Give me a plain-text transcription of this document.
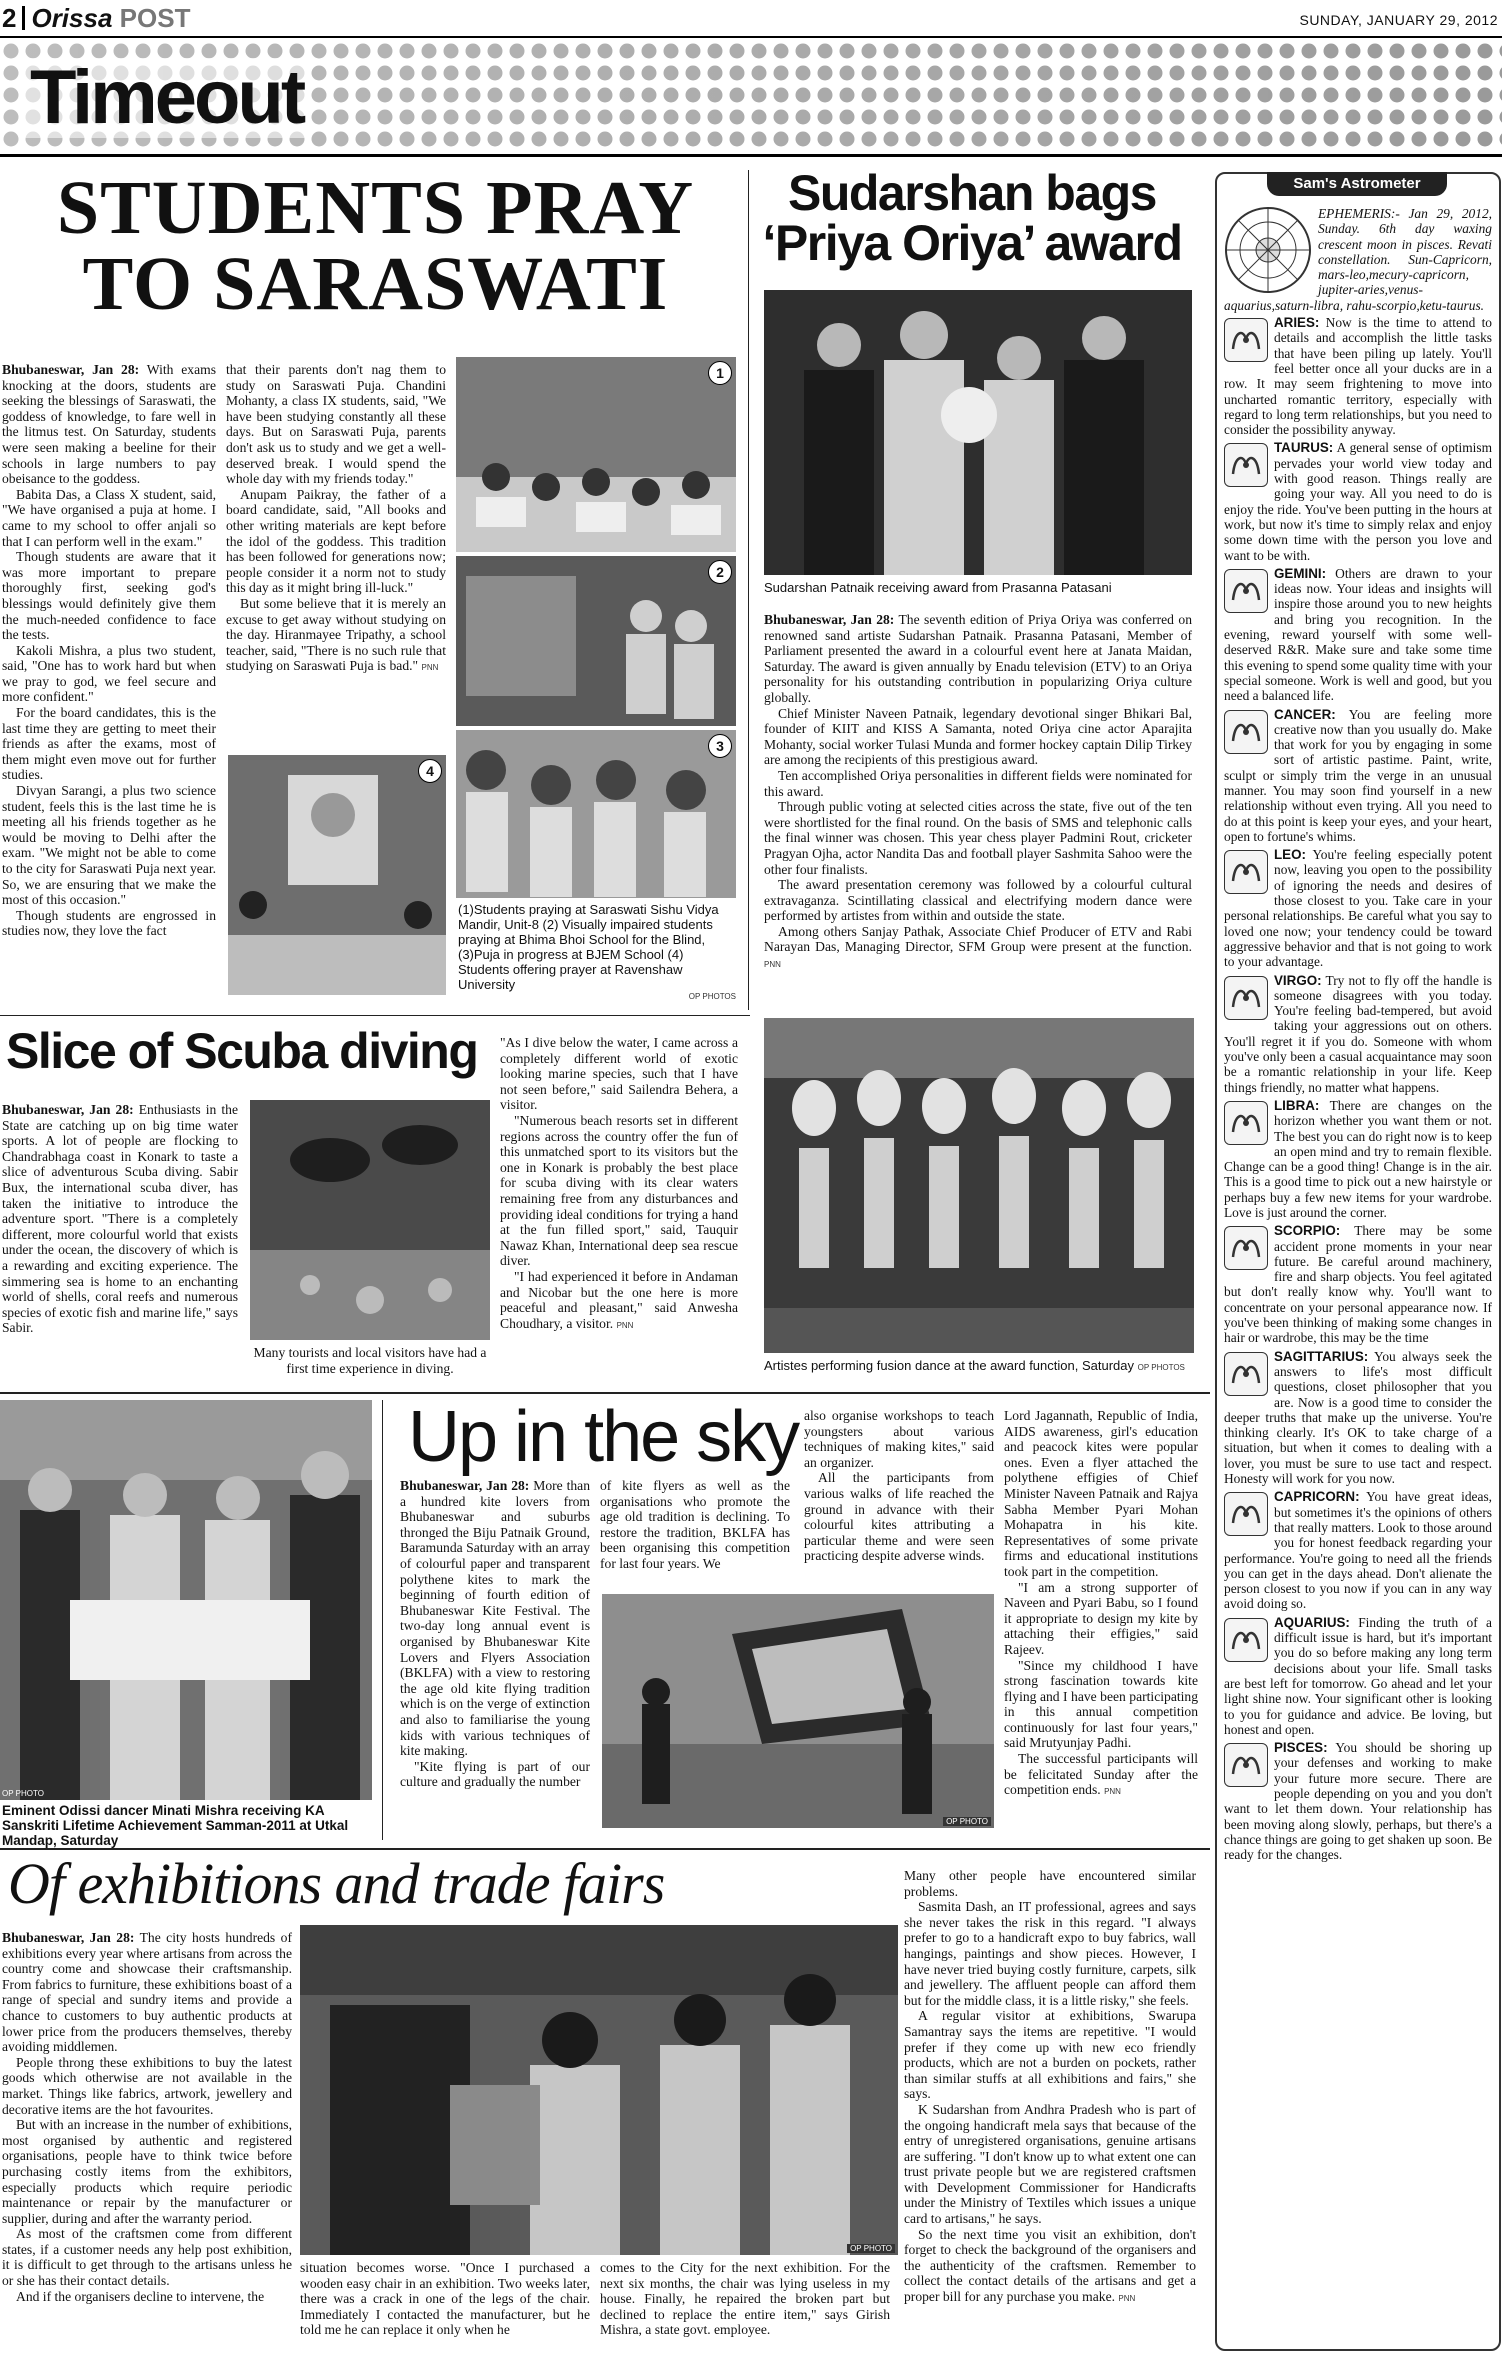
2 Orissa POST	SUNDAY, JANUARY 29, 2012
Timeout
STUDENTS PRAY
TO SARASWATI

Bhubaneswar, Jan 28: With exams knocking at the doors, students are seeking the blessings of Saraswati, the goddess of knowledge, to fare well in the litmus test. On Saturday, students were seen making a beeline for their schools in large numbers to pay obeisance to the goddess.

Babita Das, a Class X student, said, "We have organised a puja at home. I came to my school to offer anjali so that I can perform well in the exam."

Though students are aware that it was more important to prepare thoroughly first, seeking god's blessings would definitely give them the much-needed confidence to face the tests.

Kakoli Mishra, a plus two student, said, "One has to work hard but when we pray to god, we feel secure and more confident."

For the board candidates, this is the last time they are getting to meet their friends as after the exams, most of them might even move out for further studies.

Divyan Sarangi, a plus two science student, feels this is the last time he is meeting all his friends together as he would be moving to Delhi after the exam. "We might not be able to come to the city for Saraswati Puja next year. So, we are ensuring that we make the most of this occasion."

Though students are engrossed in studies now, they love the fact

that their parents don't nag them to study on Saraswati Puja. Chandini Mohanty, a class IX students, said, "We have been studying constantly all these days. But on Saraswati Puja, parents don't ask us to study and we get a well-deserved break. I would spend the whole day with my friends today."

Anupam Paikray, the father of a board candidate, said, "All books and other writing materials are kept before the idol of the goddess. This tradition has been followed for generations now; people consider it a norm not to study this day as it might bring ill-luck."

But some believe that it is merely an excuse to get away without studying on the day. Hiranmayee Tripathy, a school teacher, said, "There is no such rule that studying on Saraswati Puja is bad." PNN

1
2
3
4
(1)Students praying at Saraswati Sishu Vidya Mandir, Unit-8 (2) Visually impaired students praying at Bhima Bhoi School for the Blind, (3)Puja in progress at BJEM School (4) Students offering prayer at Ravenshaw University
OP PHOTOS
Sudarshan bags
‘Priya Oriya’ award
Sudarshan Patnaik receiving award from Prasanna Patasani

Bhubaneswar, Jan 28: The seventh edition of Priya Oriya was conferred on renowned sand artiste Sudarshan Patnaik. Prasanna Patasani, Member of Parliament presented the award in a colourful event here at Janata Maidan, Saturday. The award is given annually by Enadu television (ETV) to an Oriya personality for his outstanding contribution in popularizing Oriya culture globally.

Chief Minister Naveen Patnaik, legendary devotional singer Bhikari Bal, founder of KIIT and KISS A Samanta, noted Oriya cine actor Aparajita Mohanty, social worker Tulasi Munda and former hockey captain Dilip Tirkey are among the recipients of this prestigious award.

Ten accomplished Oriya personalities in different fields were nominated for this award.

Through public voting at selected cities across the state, five out of the ten were shortlisted for the final round. On the basis of SMS and telephonic calls the final winner was chosen. This year chess player Padmini Rout, cricketer Pragyan Ojha, actor Nandita Das and football player Sashmita Sahoo were the other four finalists.

The award presentation ceremony was followed by a colourful cultural extravaganza. Scintillating classical and electrifying modern dance were performed by artistes from within and outside the state.

Among others Sanjay Pathak, Associate Chief Producer of ETV and Rabi Narayan Das, Managing Director, SFM Group were present at the function. PNN

Artistes performing fusion dance at the award function, Saturday OP PHOTOS
Slice of Scuba diving

Bhubaneswar, Jan 28: Enthusiasts in the State are catching up on big time water sports. A lot of people are flocking to Chandrabhaga coast in Konark to taste a slice of adventurous Scuba diving. Sabir Bux, the international scuba diver, has taken the initiative to introduce the adventure sport. "There is a completely different, more colourful world that exists under the ocean, the discovery of which is a rewarding and exciting experience. The simmering sea is home to an enchanting world of shells, coral reefs and numerous species of exotic fish and marine life," says Sabir.

Many tourists and local visitors have had a first time experience in diving.

"As I dive below the water, I came across a completely different world of exotic looking marine species, such that I have not seen before," said Sailendra Behera, a visitor.

"Numerous beach resorts set in different regions across the country offer the fun of this unmatched sport to its visitors but the one in Konark is probably the best place for scuba diving with its clear waters remaining free from any disturbances and providing ideal conditions for trying a hand at the fun filled sport," said, Tauquir Nawaz Khan, International deep sea rescue diver.

"I had experienced it before in Andaman and Nicobar but the one here is more peaceful and pleasant," said Anwesha Choudhary, a visitor. PNN

OP PHOTO
Eminent Odissi dancer Minati Mishra receiving KA Sanskriti Lifetime Achievement Samman-2011 at Utkal Mandap, Saturday
Up in the sky

Bhubaneswar, Jan 28: More than a hundred kite lovers from Bhubaneswar and suburbs thronged the Biju Patnaik Ground, Baramunda Saturday with an array of colourful paper and transparent polythene kites to mark the beginning of fourth edition of Bhubaneswar Kite Festival. The two-day long annual event is organised by Bhubaneswar Kite Lovers and Flyers Association (BKLFA) with a view to restoring the age old kite flying tradition which is on the verge of extinction and also to familiarise the young kids with various techniques of kite making.

"Kite flying is part of our culture and gradually the number

of kite flyers as well as the organisations who promote the age old tradition is declining. To restore the tradition, BKLFA has been organising this competition for last four years. We

also organise workshops to teach youngsters about various techniques of making kites," said an organizer.

All the participants from various walks of life reached the ground in advance with their colourful kites attributing a particular theme and were seen practicing despite adverse winds.

Lord Jagannath, Republic of India, AIDS awareness, girl's education and peacock kites were popular ones. Even a flyer attached the polythene effigies of Chief Minister Naveen Patnaik and Rajya Sabha Member Pyari Mohan Mohapatra in his kite. Representatives of some private firms and educational institutions took part in the competition.

"I am a strong supporter of Naveen and Pyari Babu, so I found it appropriate to design my kite by attaching their effigies," said Rajeev.

"Since my childhood I have strong fascination towards kite flying and I have been participating in this annual competition continuously for last four years," said Mrutyunjay Padhi.

The successful participants will be felicitated Sunday after the competition ends. PNN

OP PHOTO
Of exhibitions and trade fairs

Bhubaneswar, Jan 28: The city hosts hundreds of exhibitions every year where artisans from across the country come and showcase their craftsmanship. From fabrics to furniture, these exhibitions boast of a range of special and sundry items and provide a chance to customers to buy authentic products at lower price from the producers themselves, thereby avoiding middlemen.

People throng these exhibitions to buy the latest goods which otherwise are not available in the market. Things like fabrics, artwork, jewellery and decorative items are the hot favourites.

But with an increase in the number of exhibitions, most organised by authentic and registered organisations, people have to think twice before purchasing costly items from the exhibitors, especially products which require periodic maintenance or repair by the manufacturer or supplier, during and after the warranty period.

As most of the craftsmen come from different states, if a customer needs any help post exhibition, it is difficult to get through to the artisans unless he or she has their contact details.

And if the organisers decline to intervene, the

OP PHOTO
situation becomes worse. "Once I purchased a wooden easy chair in an exhibition. Two weeks later, there was a crack in one of the legs of the chair. Immediately I contacted the manufacturer, but he told me he can replace it only when he
comes to the City for the next exhibition. For the next six months, the chair was lying useless in my house. Finally, he repaired the broken part but declined to replace the entire item," says Girish Mishra, a state govt. employee.

Many other people have encountered similar problems.

Sasmita Dash, an IT professional, agrees and says she never takes the risk in this regard. "I always prefer to go to a handicraft expo to buy fabrics, wall hangings, paintings and show pieces. However, I have never tried buying costly furniture, carpets, silk and jewellery. The affluent people can afford them but for the middle class, it is a little risky," she feels.

A regular visitor at exhibitions, Swarupa Samantray says the items are repetitive. "I would prefer if they come up with new eco friendly products, which are not a burden on pockets, rather than similar stuffs at all exhibitions and fairs," she says.

K Sudarshan from Andhra Pradesh who is part of the ongoing handicraft mela says that because of the entry of unregistered organisations, genuine artisans are suffering. "I don't know up to what extent one can trust private people but we are registered craftsmen with Development Commissioner for Handicrafts under the Ministry of Textiles which issues a unique card to artisans," he says.

So the next time you visit an exhibition, don't forget to check the background of the organisers and the authenticity of the craftsmen. Remember to collect the contact details of the artisans and get a proper bill for any purchase you make. PNN

Sam's Astrometer

EPHEMERIS:- Jan 29, 2012, Sunday. 6th day waxing crescent moon in pisces. Revati constellation. Sun-Capricorn, mars-leo,mecury-capricorn, jupiter-aries,venus-aquarius,saturn-libra, rahu-scorpio,ketu-taurus.

ARIES: Now is the time to attend to details and accomplish the little tasks that have been piling up lately. You'll feel better once all your ducks are in a row. It may seem frightening to move into uncharted romantic territory, especially with regard to long term relationships, but you need to consider the possibility anyway.

TAURUS: A general sense of optimism pervades your world view today and with good reason. Things really are going your way. All you need to do is enjoy the ride. You've been putting in the hours at work, but now it's time to simply relax and enjoy some down time with the person you love and want to be with.

GEMINI: Others are drawn to your ideas now. Your ideas and insights will inspire those around you to new heights and bring you recognition. In the evening, reward yourself with some well-deserved R&R. Make sure and take some time this evening to spend some quality time with your special someone. Work is well and good, but you need a balanced life.

CANCER: You are feeling more creative now than you usually do. Make that work for you by engaging in some sort of artistic pastime. Paint, write, sculpt or simply trim the verge in an unusual manner. You may soon find yourself in a new relationship without even trying. All you need to do at this point is keep your eyes, and your heart, open to fortune's whims.

LEO: You're feeling especially potent now, leaving you open to the possibility of ignoring the needs and desires of those closest to you. Take care in your personal relationships. Be careful what you say to loved one now; your tendency could be toward aggressive behavior and that is not going to work to your advantage.

VIRGO: Try not to fly off the handle is someone disagrees with you today. You're feeling bad-tempered, but avoid taking your aggressions out on others. You'll regret it if you do. Someone with whom you've only been a casual acquaintance may soon be a romantic relationship in your life. Keep things friendly, no matter what happens.

LIBRA: There are changes on the horizon whether you want them or not. The best you can do right now is to keep an open mind and try to remain flexible. Change can be a good thing! Change is in the air. This is a good time to pick out a new hairstyle or perhaps buy a few new items for your wardrobe. Love is just around the corner.

SCORPIO: There may be some accident prone moments in your near future. Be careful around machinery, fire and sharp objects. You feel agitated but don't really know why. You'll want to concentrate on your personal appearance now. If you've been thinking of making some changes in hair or wardrobe, this may be the time

SAGITTARIUS: You always seek the answers to life's most difficult questions, closet philosopher that you are. Now is a good time to consider the deeper truths that make up the universe. You're thinking clearly. It's OK to take charge of a situation, but when it comes to dealing with a lover, you must be sure to use tact and respect. Honesty will work for you now.

CAPRICORN: You have great ideas, but sometimes it's the opinions of others that really matters. Look to those around you for honest feedback regarding your performance. You're going to need all the friends you can get in the days ahead. Don't alienate the person closest to you now if you can in any way avoid doing so.

AQUARIUS: Finding the truth of a difficult issue is hard, but it's important you do so before making any long term decisions about your life. Small tasks are best left for tomorrow. Go ahead and let your light shine now. Your significant other is looking to you for guidance and advice. Be loving, but honest and open.

PISCES: You should be shoring up your defenses and working to make your future more secure. There are people depending on you and you don't want to let them down. Your relationship has been moving along slowly, perhaps, but there's a chance things are going to get shaken up soon. Be ready for the changes.
